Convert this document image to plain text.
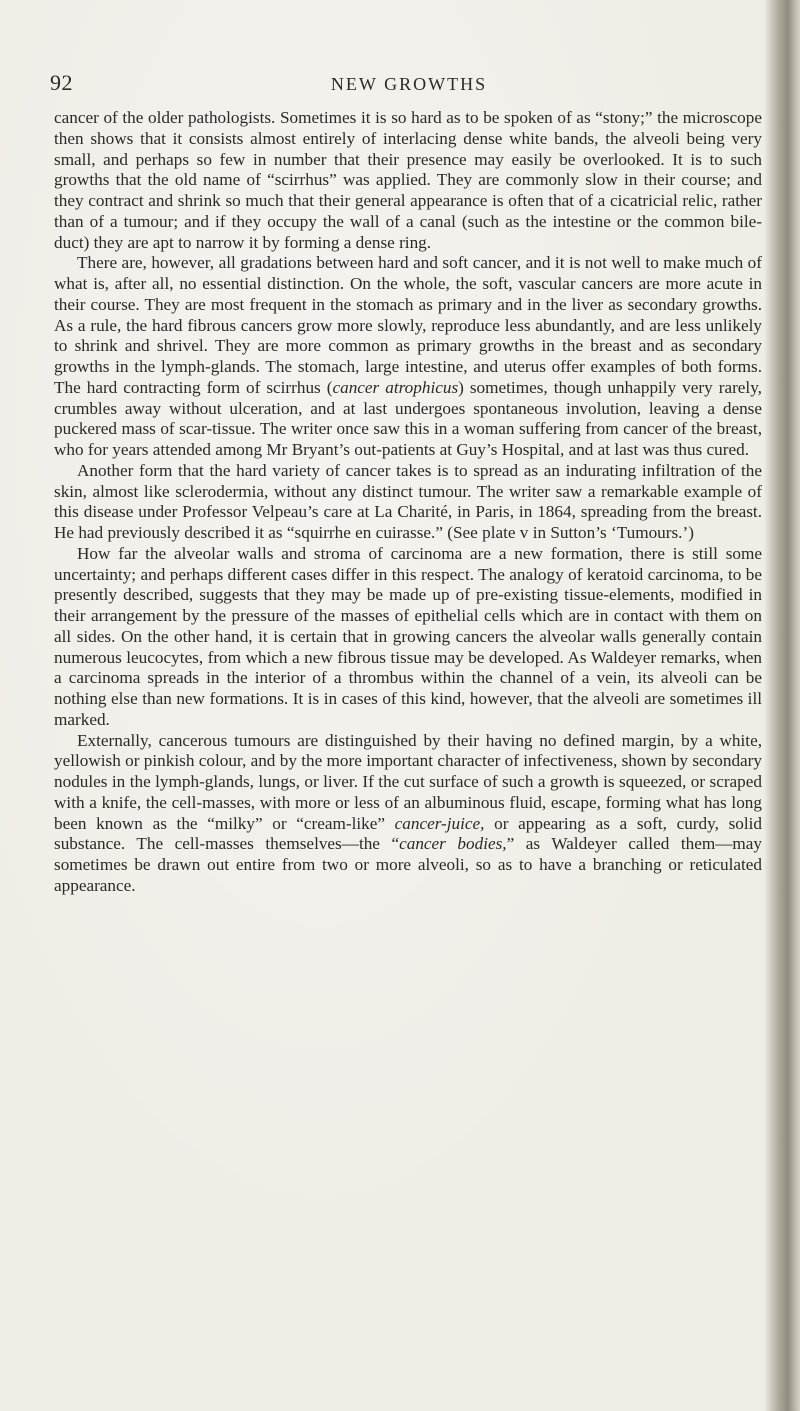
92	NEW GROWTHS

cancer of the older pathologists. Sometimes it is so hard as to be spoken of as “stony;” the microscope then shows that it consists almost entirely of interlacing dense white bands, the alveoli being very small, and perhaps so few in number that their presence may easily be overlooked. It is to such growths that the old name of “scirrhus” was applied. They are commonly slow in their course; and they contract and shrink so much that their general appearance is often that of a cicatricial relic, rather than of a tumour; and if they occupy the wall of a canal (such as the intestine or the common bile-duct) they are apt to narrow it by forming a dense ring.

There are, however, all gradations between hard and soft cancer, and it is not well to make much of what is, after all, no essential distinction. On the whole, the soft, vascular cancers are more acute in their course. They are most frequent in the stomach as primary and in the liver as secondary growths. As a rule, the hard fibrous cancers grow more slowly, reproduce less abundantly, and are less unlikely to shrink and shrivel. They are more common as primary growths in the breast and as secondary growths in the lymph-glands. The stomach, large intestine, and uterus offer examples of both forms. The hard contracting form of scirrhus (cancer atrophicus) sometimes, though unhappily very rarely, crumbles away without ulceration, and at last undergoes spontaneous involution, leaving a dense puckered mass of scar-tissue. The writer once saw this in a woman suffering from cancer of the breast, who for years attended among Mr Bryant’s out-patients at Guy’s Hospital, and at last was thus cured.

Another form that the hard variety of cancer takes is to spread as an indurating infiltration of the skin, almost like sclerodermia, without any distinct tumour. The writer saw a remarkable example of this disease under Professor Velpeau’s care at La Charité, in Paris, in 1864, spreading from the breast. He had previously described it as “squirrhe en cuirasse.” (See plate v in Sutton’s ‘Tumours.’)

How far the alveolar walls and stroma of carcinoma are a new formation, there is still some uncertainty; and perhaps different cases differ in this respect. The analogy of keratoid carcinoma, to be presently described, suggests that they may be made up of pre-existing tissue-elements, modified in their arrangement by the pressure of the masses of epithelial cells which are in contact with them on all sides. On the other hand, it is certain that in growing cancers the alveolar walls generally contain numerous leucocytes, from which a new fibrous tissue may be developed. As Waldeyer remarks, when a carcinoma spreads in the interior of a thrombus within the channel of a vein, its alveoli can be nothing else than new formations. It is in cases of this kind, however, that the alveoli are sometimes ill marked.

Externally, cancerous tumours are distinguished by their having no defined margin, by a white, yellowish or pinkish colour, and by the more important character of infectiveness, shown by secondary nodules in the lymph-glands, lungs, or liver. If the cut surface of such a growth is squeezed, or scraped with a knife, the cell-masses, with more or less of an albuminous fluid, escape, forming what has long been known as the “milky” or “cream-like” cancer-juice, or appearing as a soft, curdy, solid substance. The cell-masses themselves—the “cancer bodies,” as Waldeyer called them—may sometimes be drawn out entire from two or more alveoli, so as to have a branching or reticulated appearance.
